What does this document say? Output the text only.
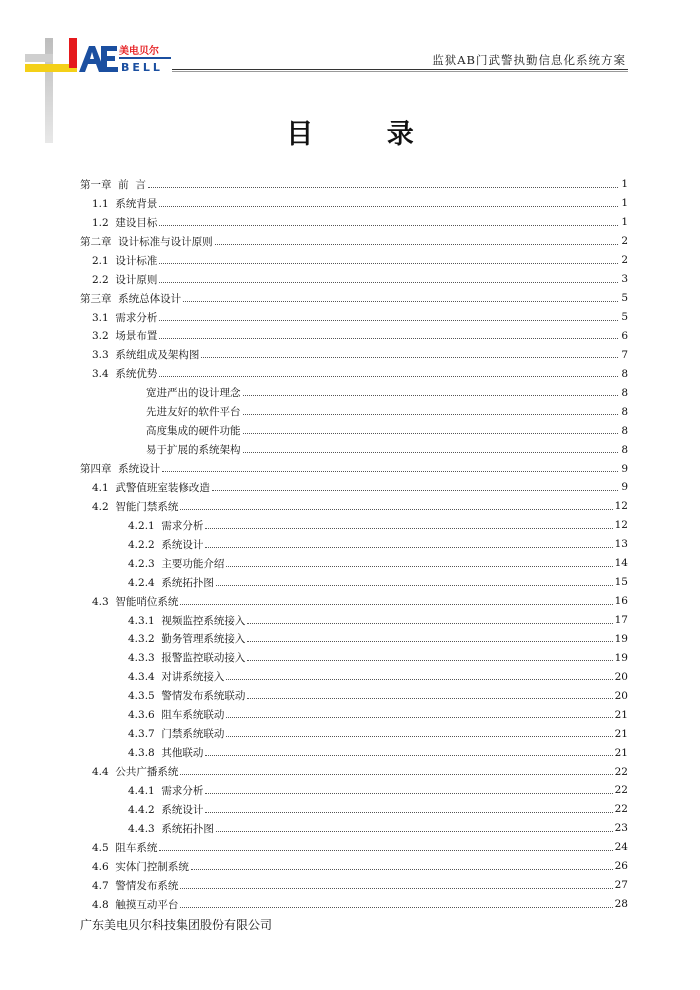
美电贝尔
BELL
监狱AB门武警执勤信息化系统方案
目 录
第一章  前  言	1
1.1  系统背景	1
1.2  建设目标	1
第二章  设计标准与设计原则	2
2.1  设计标准	2
2.2  设计原则	3
第三章  系统总体设计	5
3.1  需求分析	5
3.2  场景布置	6
3.3  系统组成及架构图	7
3.4  系统优势	8
宽进严出的设计理念	8
先进友好的软件平台	8
高度集成的硬件功能	8
易于扩展的系统架构	8
第四章  系统设计	9
4.1  武警值班室装修改造	9
4.2  智能门禁系统	12
4.2.1  需求分析	12
4.2.2  系统设计	13
4.2.3  主要功能介绍	14
4.2.4  系统拓扑图	15
4.3  智能哨位系统	16
4.3.1  视频监控系统接入	17
4.3.2  勤务管理系统接入	19
4.3.3  报警监控联动接入	19
4.3.4  对讲系统接入	20
4.3.5  警情发布系统联动	20
4.3.6  阻车系统联动	21
4.3.7  门禁系统联动	21
4.3.8  其他联动	21
4.4  公共广播系统	22
4.4.1  需求分析	22
4.4.2  系统设计	22
4.4.3  系统拓扑图	23
4.5  阻车系统	24
4.6  实体门控制系统	26
4.7  警情发布系统	27
4.8  触摸互动平台	28
广东美电贝尔科技集团股份有限公司
